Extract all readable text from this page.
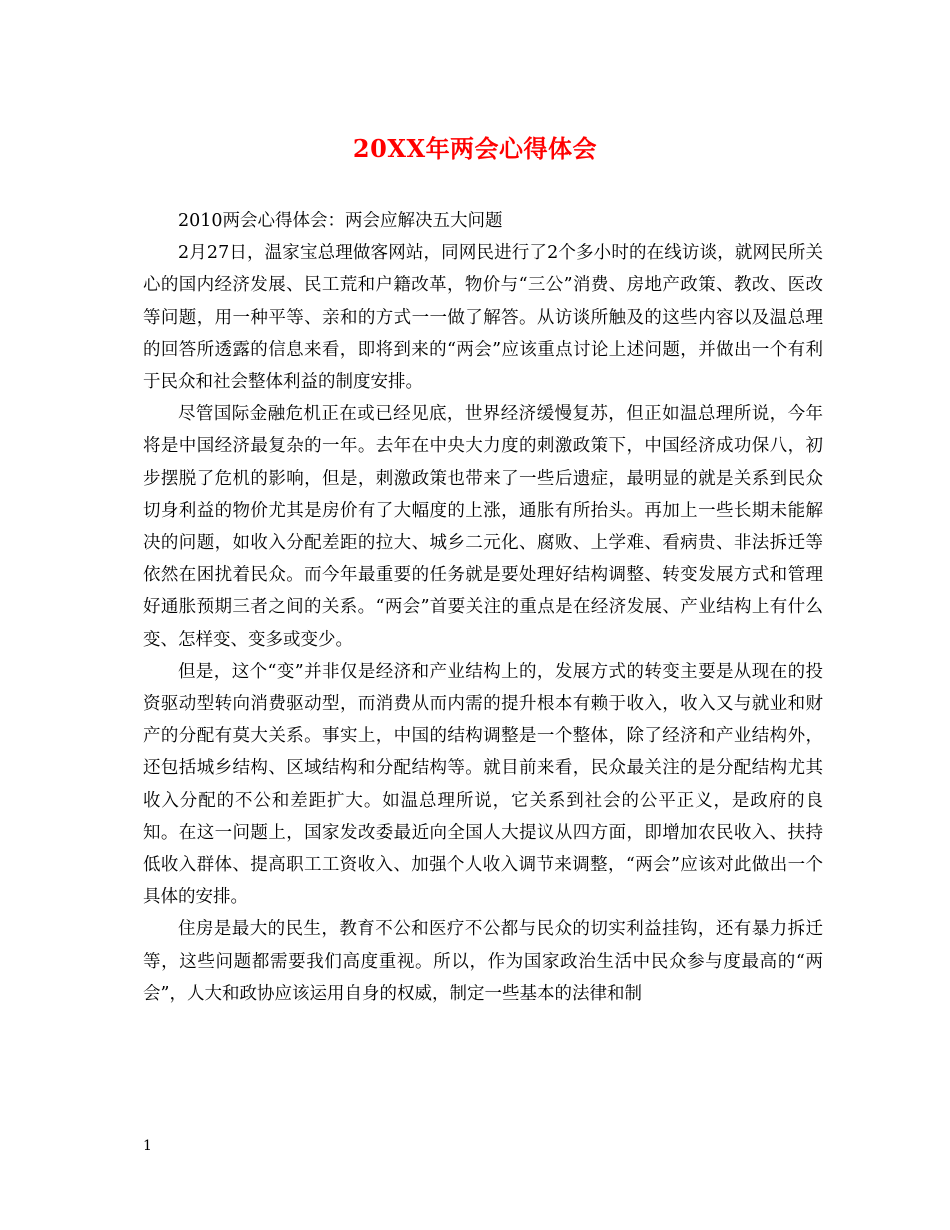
20XX年两会心得体会

2010两会心得体会：两会应解决五大问题

2月27日，温家宝总理做客网站，同网民进行了2个多小时的在线访谈，就网民所关心的国内经济发展、民工荒和户籍改革，物价与“三公”消费、房地产政策、教改、医改等问题，用一种平等、亲和的方式一一做了解答。从访谈所触及的这些内容以及温总理的回答所透露的信息来看，即将到来的“两会”应该重点讨论上述问题，并做出一个有利于民众和社会整体利益的制度安排。

尽管国际金融危机正在或已经见底，世界经济缓慢复苏，但正如温总理所说，今年将是中国经济最复杂的一年。去年在中央大力度的刺激政策下，中国经济成功保八，初步摆脱了危机的影响，但是，刺激政策也带来了一些后遗症，最明显的就是关系到民众切身利益的物价尤其是房价有了大幅度的上涨，通胀有所抬头。再加上一些长期未能解决的问题，如收入分配差距的拉大、城乡二元化、腐败、上学难、看病贵、非法拆迁等依然在困扰着民众。而今年最重要的任务就是要处理好结构调整、转变发展方式和管理好通胀预期三者之间的关系。“两会”首要关注的重点是在经济发展、产业结构上有什么变、怎样变、变多或变少。

但是，这个“变”并非仅是经济和产业结构上的，发展方式的转变主要是从现在的投资驱动型转向消费驱动型，而消费从而内需的提升根本有赖于收入，收入又与就业和财产的分配有莫大关系。事实上，中国的结构调整是一个整体，除了经济和产业结构外，还包括城乡结构、区域结构和分配结构等。就目前来看，民众最关注的是分配结构尤其收入分配的不公和差距扩大。如温总理所说，它关系到社会的公平正义，是政府的良知。在这一问题上，国家发改委最近向全国人大提议从四方面，即增加农民收入、扶持低收入群体、提高职工工资收入、加强个人收入调节来调整，“两会”应该对此做出一个具体的安排。

住房是最大的民生，教育不公和医疗不公都与民众的切实利益挂钩，还有暴力拆迁等，这些问题都需要我们高度重视。所以，作为国家政治生活中民众参与度最高的“两会”，人大和政协应该运用自身的权威，制定一些基本的法律和制

1
